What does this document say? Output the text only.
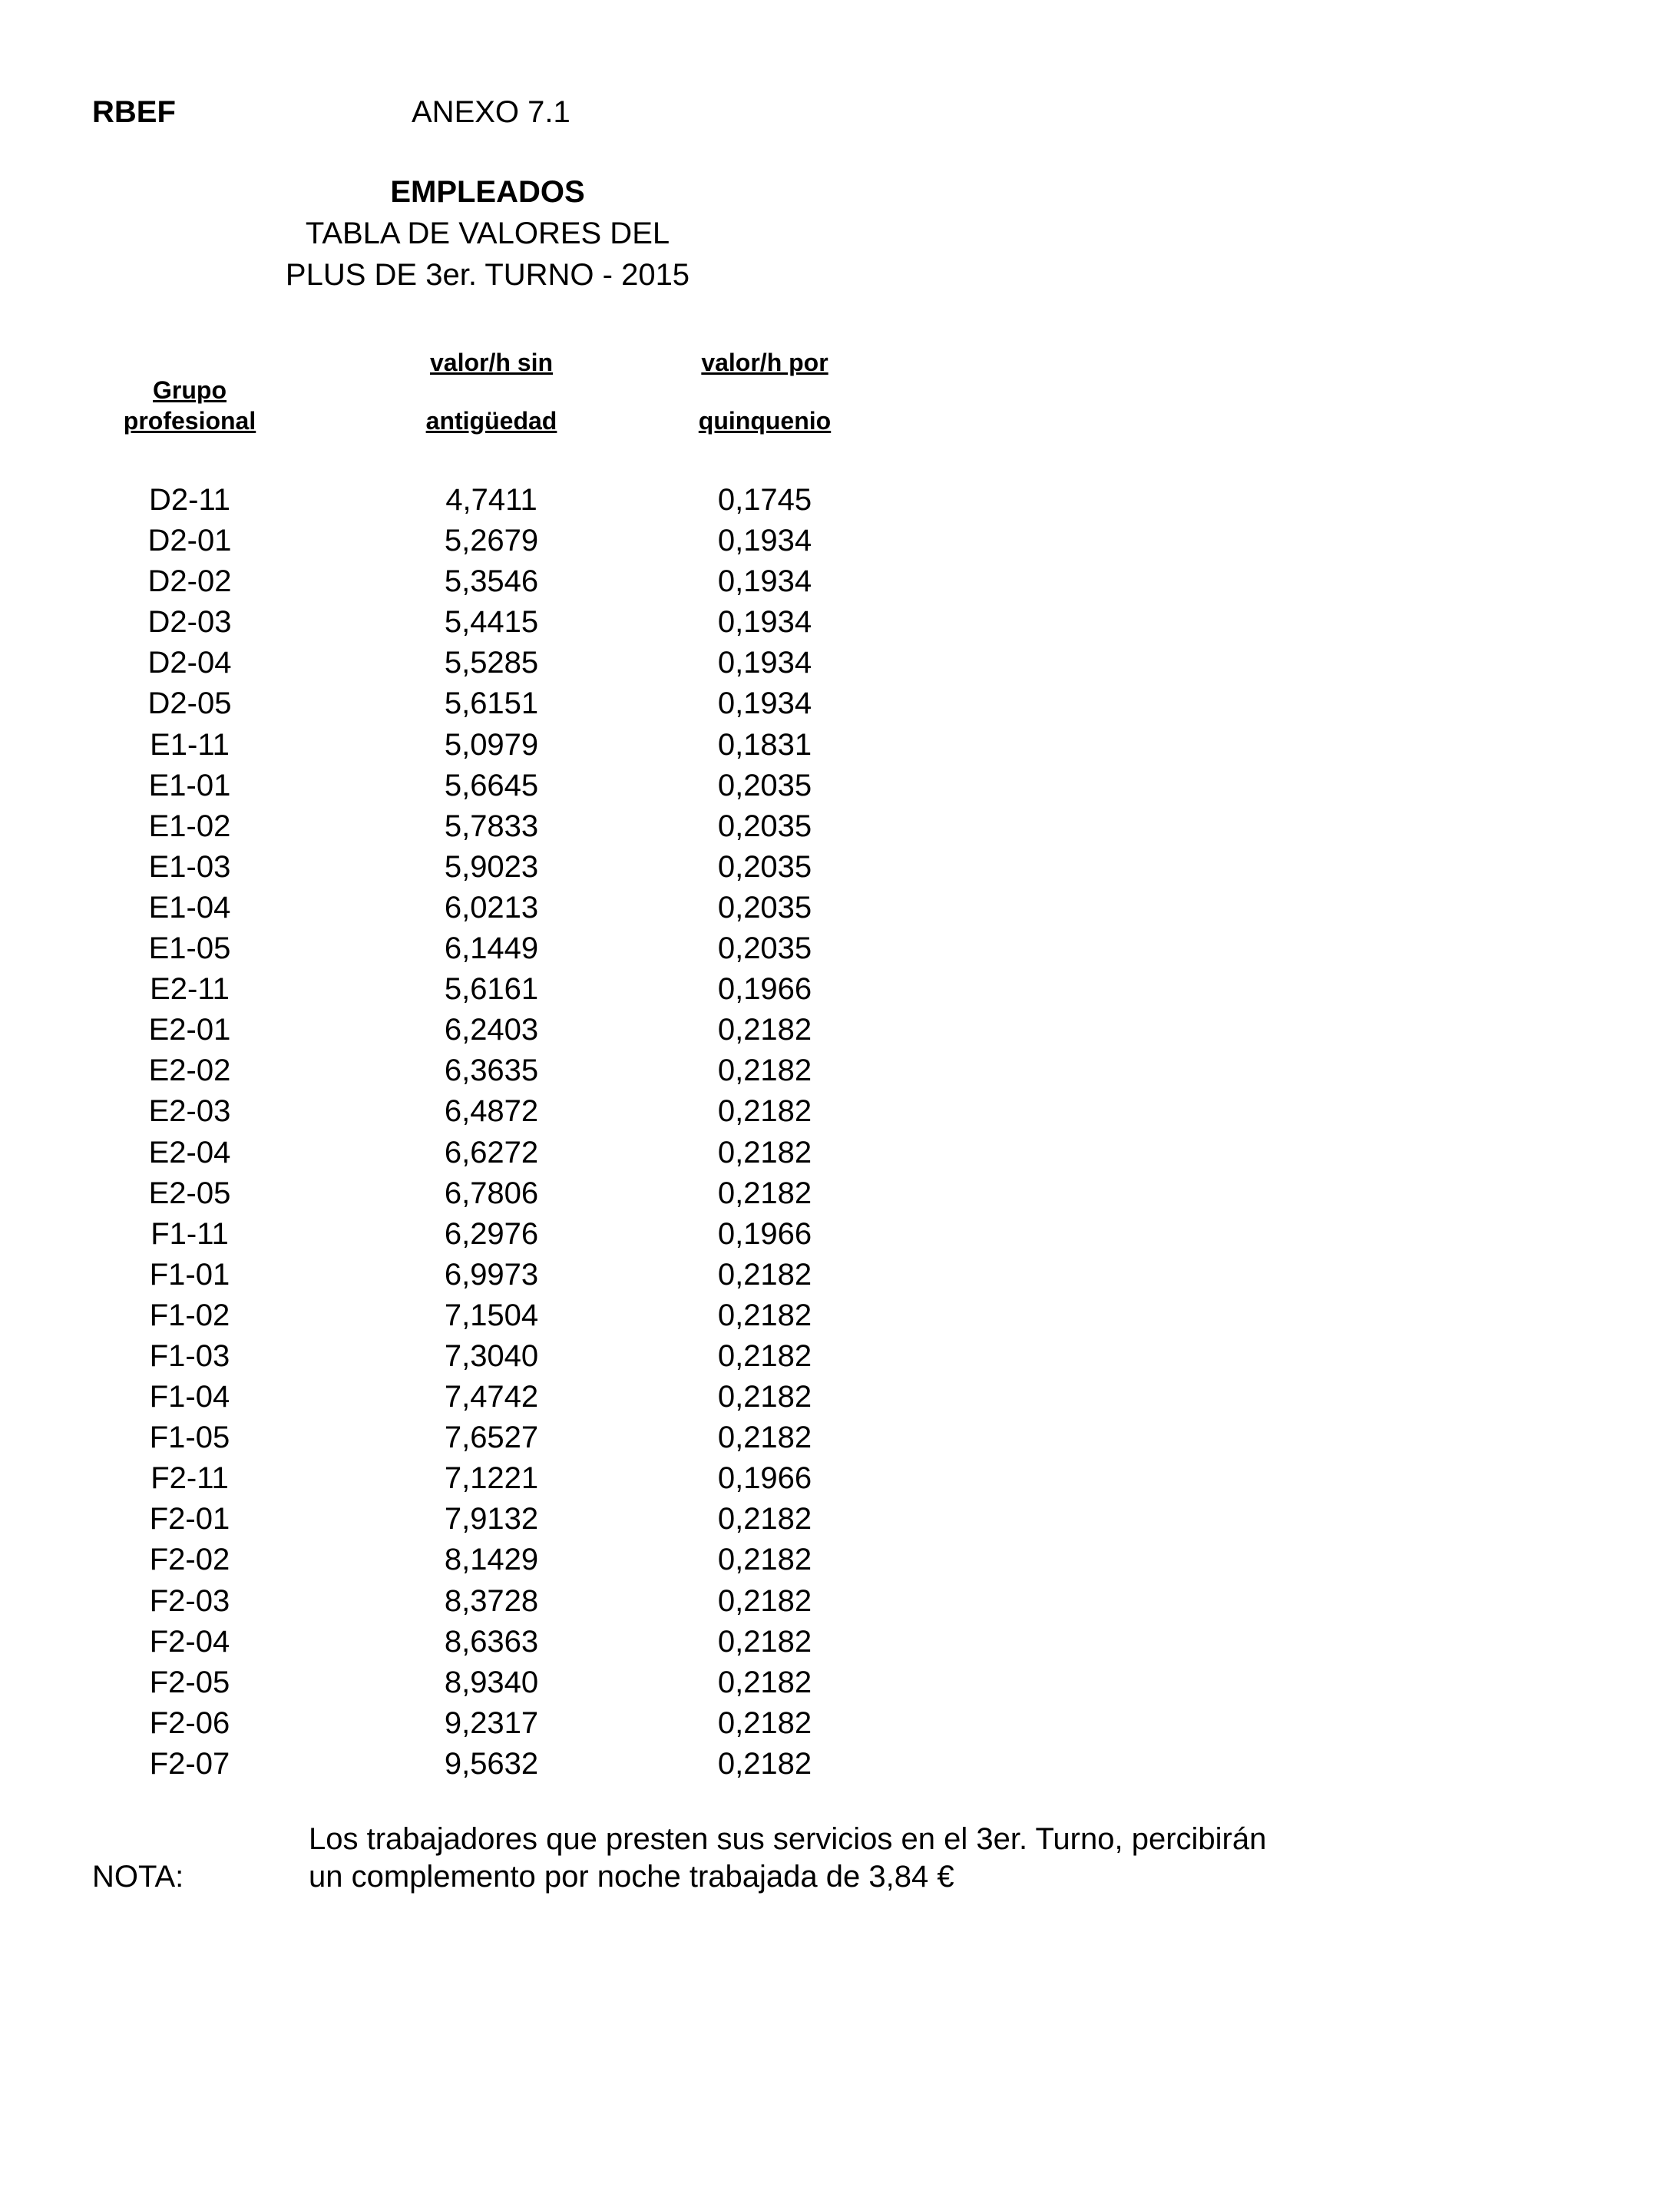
RBEF	ANEXO 7.1
EMPLEADOS
TABLA DE VALORES DEL
PLUS DE 3er. TURNO - 2015
Grupo
profesional
valor/h sin
antigüedad
valor/h por
quinquenio
D2-11	4,7411	0,1745
D2-01	5,2679	0,1934
D2-02	5,3546	0,1934
D2-03	5,4415	0,1934
D2-04	5,5285	0,1934
D2-05	5,6151	0,1934
E1-11	5,0979	0,1831
E1-01	5,6645	0,2035
E1-02	5,7833	0,2035
E1-03	5,9023	0,2035
E1-04	6,0213	0,2035
E1-05	6,1449	0,2035
E2-11	5,6161	0,1966
E2-01	6,2403	0,2182
E2-02	6,3635	0,2182
E2-03	6,4872	0,2182
E2-04	6,6272	0,2182
E2-05	6,7806	0,2182
F1-11	6,2976	0,1966
F1-01	6,9973	0,2182
F1-02	7,1504	0,2182
F1-03	7,3040	0,2182
F1-04	7,4742	0,2182
F1-05	7,6527	0,2182
F2-11	7,1221	0,1966
F2-01	7,9132	0,2182
F2-02	8,1429	0,2182
F2-03	8,3728	0,2182
F2-04	8,6363	0,2182
F2-05	8,9340	0,2182
F2-06	9,2317	0,2182
F2-07	9,5632	0,2182
NOTA:
Los trabajadores que presten sus servicios en el 3er. Turno, percibirán
un complemento por noche trabajada de 3,84 €
